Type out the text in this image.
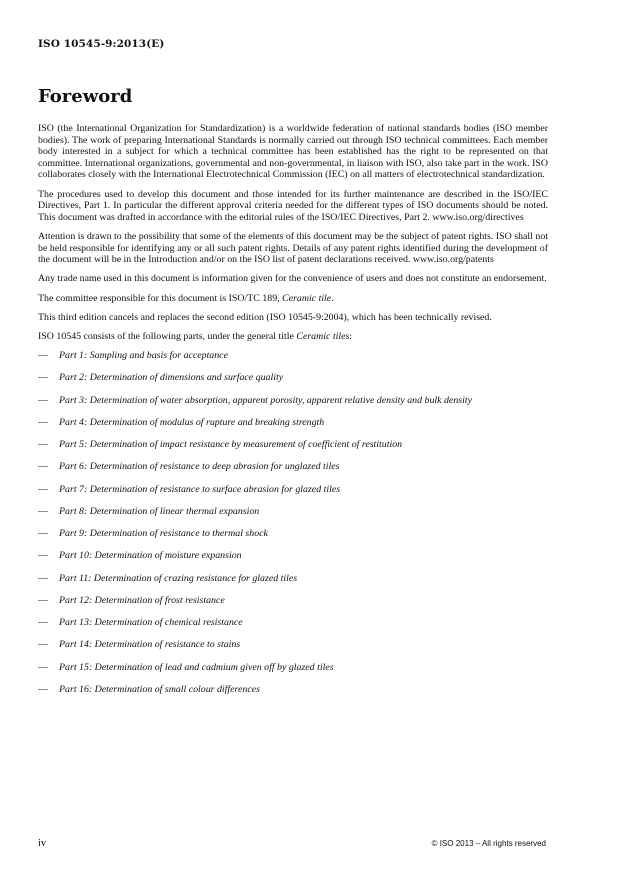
ISO 10545-9:2013(E)
Foreword

ISO (the International Organization for Standardization) is a worldwide federation of national standards bodies (ISO member bodies). The work of preparing International Standards is normally carried out through ISO technical committees. Each member body interested in a subject for which a technical committee has been established has the right to be represented on that committee. International organizations, governmental and non-governmental, in liaison with ISO, also take part in the work. ISO collaborates closely with the International Electrotechnical Commission (IEC) on all matters of electrotechnical standardization.

The procedures used to develop this document and those intended for its further maintenance are described in the ISO/IEC Directives, Part 1. In particular the different approval criteria needed for the different types of ISO documents should be noted. This document was drafted in accordance with the editorial rules of the ISO/IEC Directives, Part 2. www.iso.org/directives

Attention is drawn to the possibility that some of the elements of this document may be the subject of patent rights. ISO shall not be held responsible for identifying any or all such patent rights. Details of any patent rights identified during the development of the document will be in the Introduction and/or on the ISO list of patent declarations received. www.iso.org/patents

Any trade name used in this document is information given for the convenience of users and does not constitute an endorsement.

The committee responsible for this document is ISO/TC 189, Ceramic tile.

This third edition cancels and replaces the second edition (ISO 10545-9:2004), which has been technically revised.

ISO 10545 consists of the following parts, under the general title Ceramic tiles:

— Part 1: Sampling and basis for acceptance
— Part 2: Determination of dimensions and surface quality
— Part 3: Determination of water absorption, apparent porosity, apparent relative density and bulk density
— Part 4: Determination of modulus of rupture and breaking strength
— Part 5: Determination of impact resistance by measurement of coefficient of restitution
— Part 6: Determination of resistance to deep abrasion for unglazed tiles
— Part 7: Determination of resistance to surface abrasion for glazed tiles
— Part 8: Determination of linear thermal expansion
— Part 9: Determination of resistance to thermal shock
— Part 10: Determination of moisture expansion
— Part 11: Determination of crazing resistance for glazed tiles
— Part 12: Determination of frost resistance
— Part 13: Determination of chemical resistance
— Part 14: Determination of resistance to stains
— Part 15: Determination of lead and cadmium given off by glazed tiles
— Part 16: Determination of small colour differences
iv	© ISO 2013 – All rights reserved
